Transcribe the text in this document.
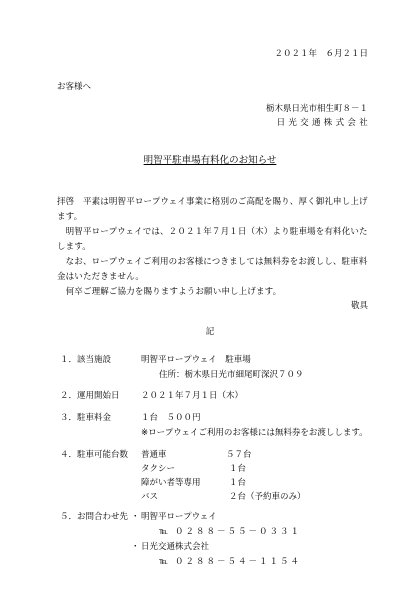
２０２１年　６月２１日
お客様へ
栃木県日光市相生町８－１
日 光 交 通 株 式 会 社
明智平駐車場有料化のお知らせ
拝啓　平素は明智平ロープウェイ事業に格別のご高配を賜り、厚く御礼申し上げ
ます。
　明智平ロープウェイでは、２０２１年７月１日（木）より駐車場を有料化いた
します。
　なお、ロープウェイご利用のお客様につきましては無料券をお渡しし、駐車料
金はいただきません。
　何卒ご理解ご協力を賜りますようお願い申し上げます。
敬具
記
１．該当施設	明智平ロープウェイ　駐車場
住所：栃木県日光市細尾町深沢７０９
２．運用開始日	２０２１年７月１日（木）
３．駐車料金	１台　５００円
※ロープウェイご利用のお客様には無料券をお渡しします。
４．駐車可能台数 普通車	５７台
タクシー	１台
障がい者等専用	１台
バス	２台（予約車のみ）
５．お問合わせ先 ・ 明智平ロープウェイ
℡ ０２８８－５５－０３３１
・ 日光交通株式会社
℡ ０２８８－５４－１１５４
